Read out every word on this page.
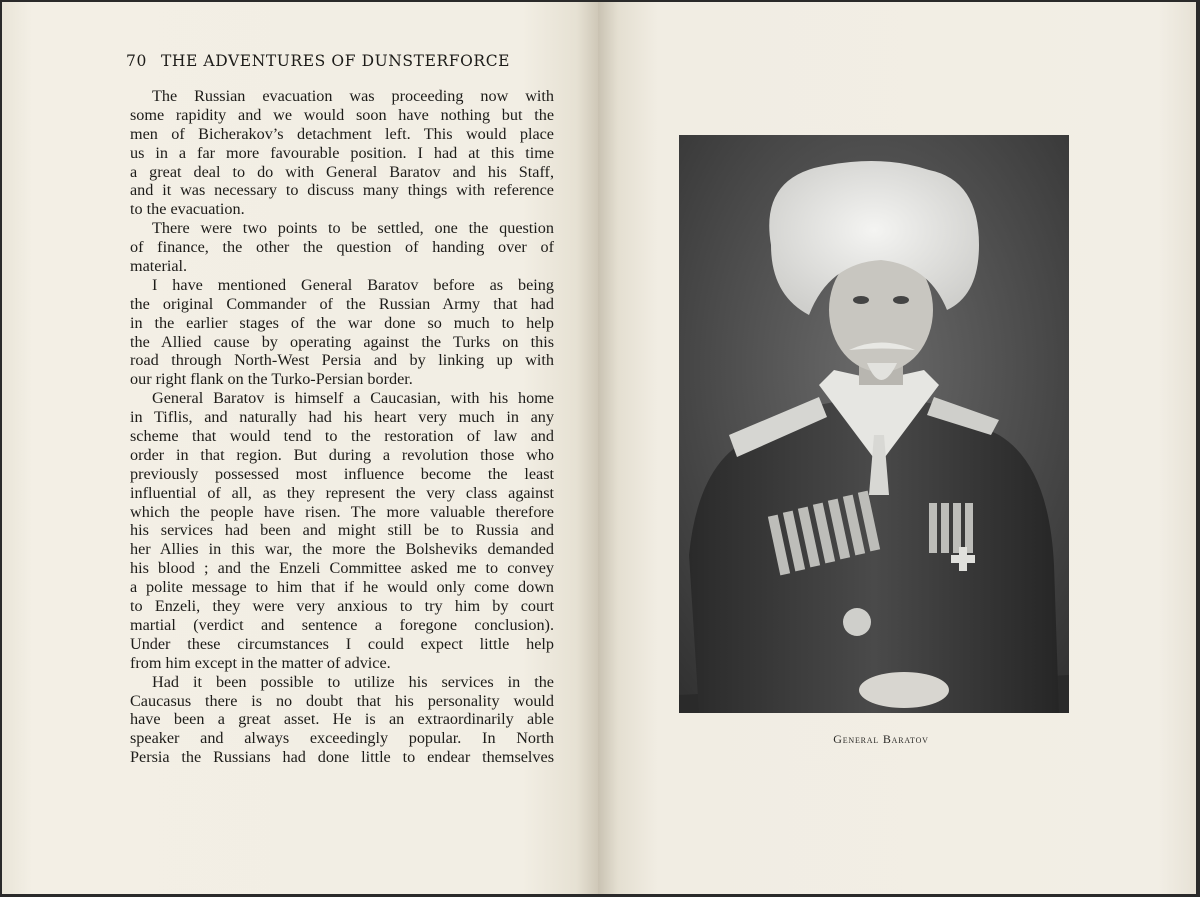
70 THE ADVENTURES OF DUNSTERFORCE
The Russian evacuation was proceeding now with
some rapidity and we would soon have nothing but the
men of Bicherakov’s detachment left. This would place
us in a far more favourable position. I had at this time
a great deal to do with General Baratov and his Staff,
and it was necessary to discuss many things with reference
to the evacuation.
There were two points to be settled, one the question
of finance, the other the question of handing over of
material.
I have mentioned General Baratov before as being
the original Commander of the Russian Army that had
in the earlier stages of the war done so much to help
the Allied cause by operating against the Turks on this
road through North-West Persia and by linking up with
our right flank on the Turko-Persian border.
General Baratov is himself a Caucasian, with his home
in Tiflis, and naturally had his heart very much in any
scheme that would tend to the restoration of law and
order in that region. But during a revolution those who
previously possessed most influence become the least
influential of all, as they represent the very class against
which the people have risen. The more valuable therefore
his services had been and might still be to Russia and
her Allies in this war, the more the Bolsheviks demanded
his blood ; and the Enzeli Committee asked me to convey
a polite message to him that if he would only come down
to Enzeli, they were very anxious to try him by court
martial (verdict and sentence a foregone conclusion).
Under these circumstances I could expect little help
from him except in the matter of advice.
Had it been possible to utilize his services in the
Caucasus there is no doubt that his personality would
have been a great asset. He is an extraordinarily able
speaker and always exceedingly popular. In North
Persia the Russians had done little to endear themselves
General Baratov
